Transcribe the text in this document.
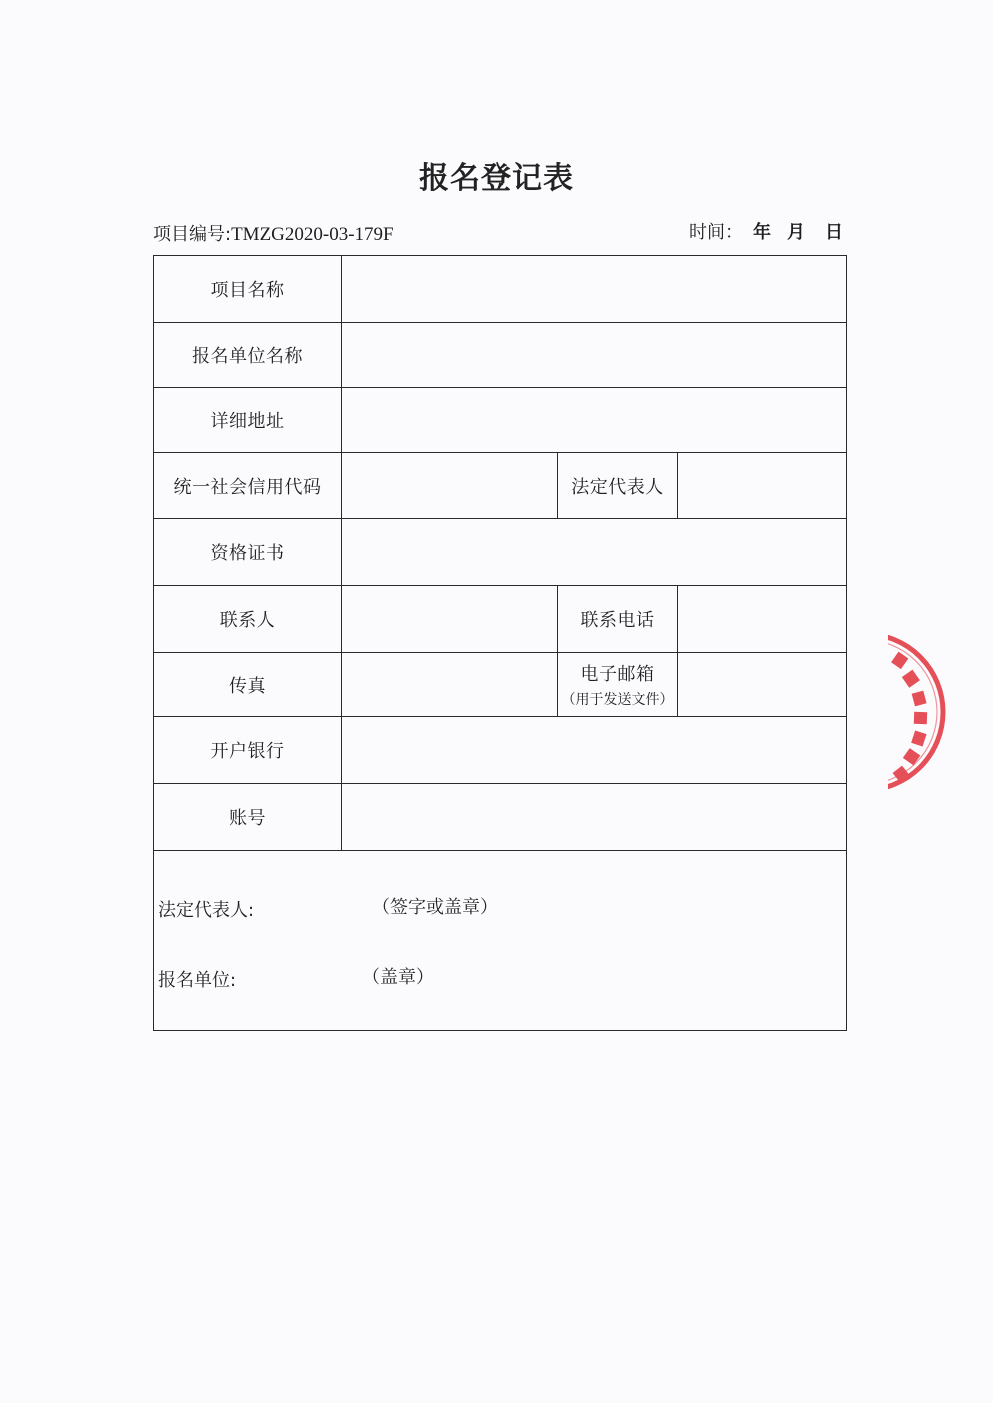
报名登记表
项目编号:TMZG2020-03-179F	时间： 年 月 日
项目名称			
报名单位名称			
详细地址			
统一社会信用代码		法定代表人	
资格证书			
联系人		联系电话	
传真		电子邮箱
（用于发送文件）	

开户银行			
账号			

法定代表人: （签字或盖章）
报名单位: （盖章）			
